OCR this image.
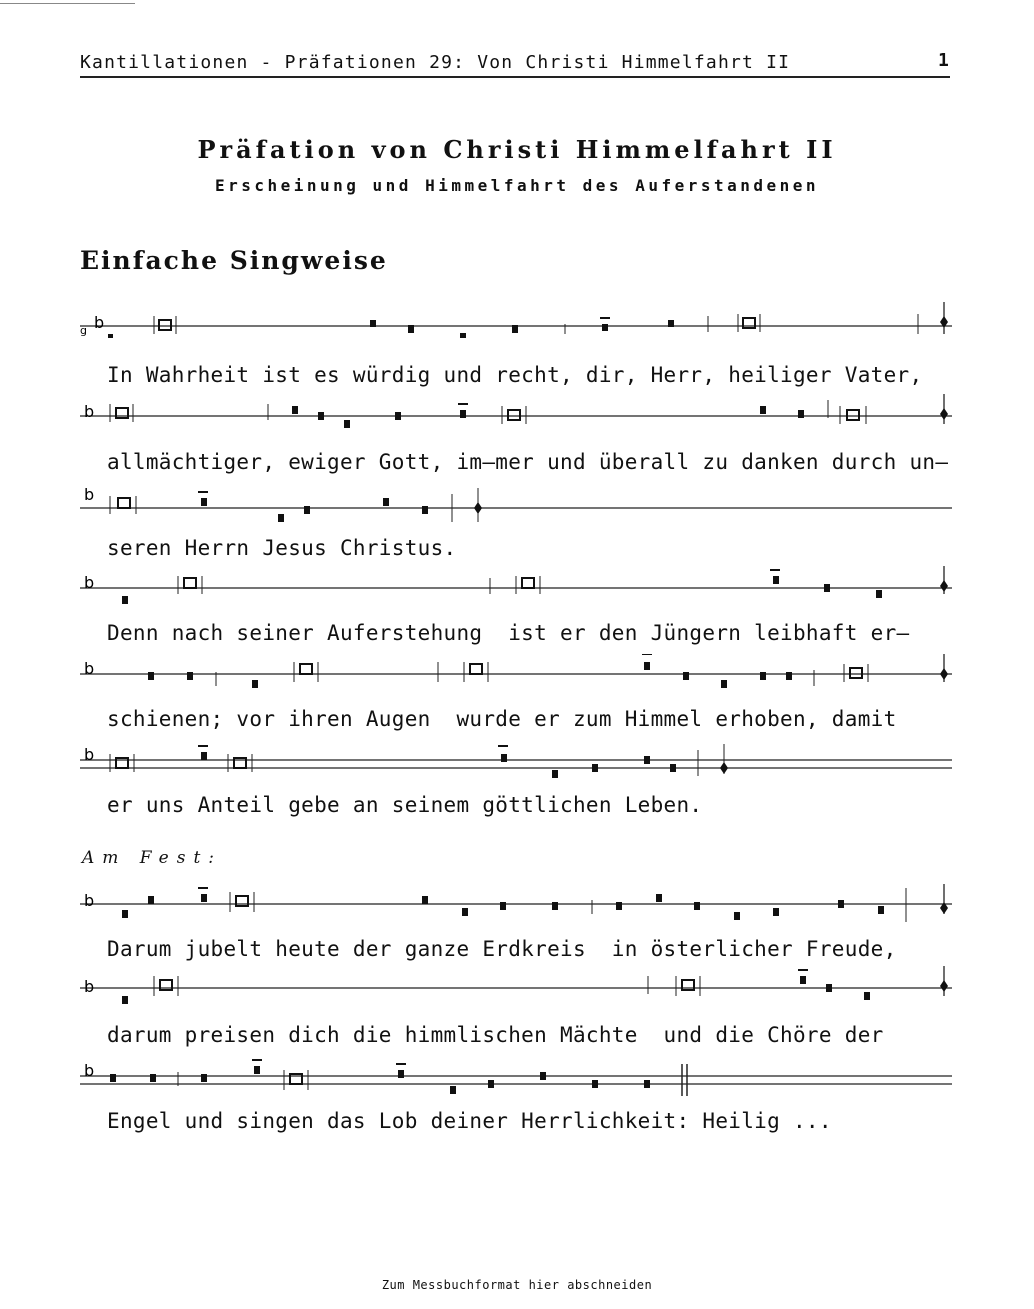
Kantillationen - Präfationen 29: Von Christi Himmelfahrt II	1
Präfation von Christi Himmelfahrt II
Erscheinung und Himmelfahrt des Auferstandenen
Einfache Singweise
b
g
In Wahrheit ist es würdig und recht, dir, Herr, heiliger Vater,
b
allmächtiger, ewiger Gott, im—mer und überall zu danken durch un—
b
seren Herrn Jesus Christus.
b
Denn nach seiner Auferstehung  ist er den Jüngern leibhaft er—
b
schienen; vor ihren Augen  wurde er zum Himmel erhoben, damit
b
er uns Anteil gebe an seinem göttlichen Leben.
Am Fest:
b
Darum jubelt heute der ganze Erdkreis  in österlicher Freude,
b
darum preisen dich die himmlischen Mächte  und die Chöre der
b
Engel und singen das Lob deiner Herrlichkeit: Heilig ...
Zum Messbuchformat hier abschneiden
